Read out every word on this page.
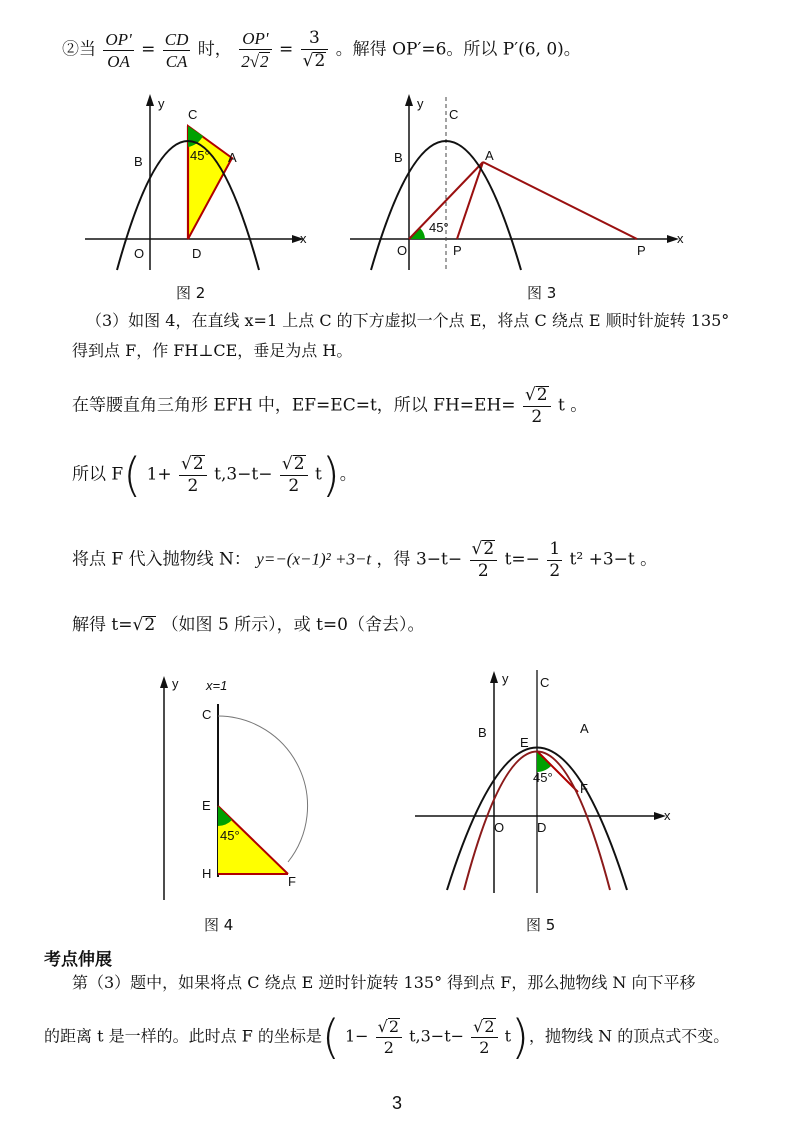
②当 $\frac{OP'}{OA} = \frac{CD}{CA}$ 时， $\frac{OP'}{2√2} = \frac{3}{√2}$ 。解得 OP′=6。所以 P′(6, 0)。
y
x
C
B	A
O	D
45°
图 2
y
x
C
B	A
O	P	P
45°
图 3
（3）如图 4，在直线 x=1 上点 C 的下方虚拟一个点 E，将点 C 绕点 E 顺时针旋转 135°
得到点 F，作 FH⊥CE，垂足为点 H。
在等腰直角三角形 EFH 中，EF=EC=t，所以 $FH=EH= \frac{√2}{2}$ t 。
所以 F( $1+ \frac{√2}{2} t,3-t- \frac{√2}{2} t$)。
将点 F 代入抛物线 N： y=−(x−1)² +3−t ，得 $3-t- \frac{√2}{2} t=- \frac{1}{2} t^2 +3-t$ 。
解得 t=√2 （如图 5 所示），或 t=0（舍去）。
y x=1
C
E
H
F
45°
图 4
y
x
C
B	A
E
F
O	D
45°
图 5
考点伸展
第（3）题中，如果将点 C 绕点 E 逆时针旋转 135° 得到点 F，那么抛物线 N 向下平移
的距离 t 是一样的。此时点 F 的坐标是( $1- \frac{√2}{2} t,3-t- \frac{√2}{2} t$)，抛物线 N 的顶点式不变。
3
